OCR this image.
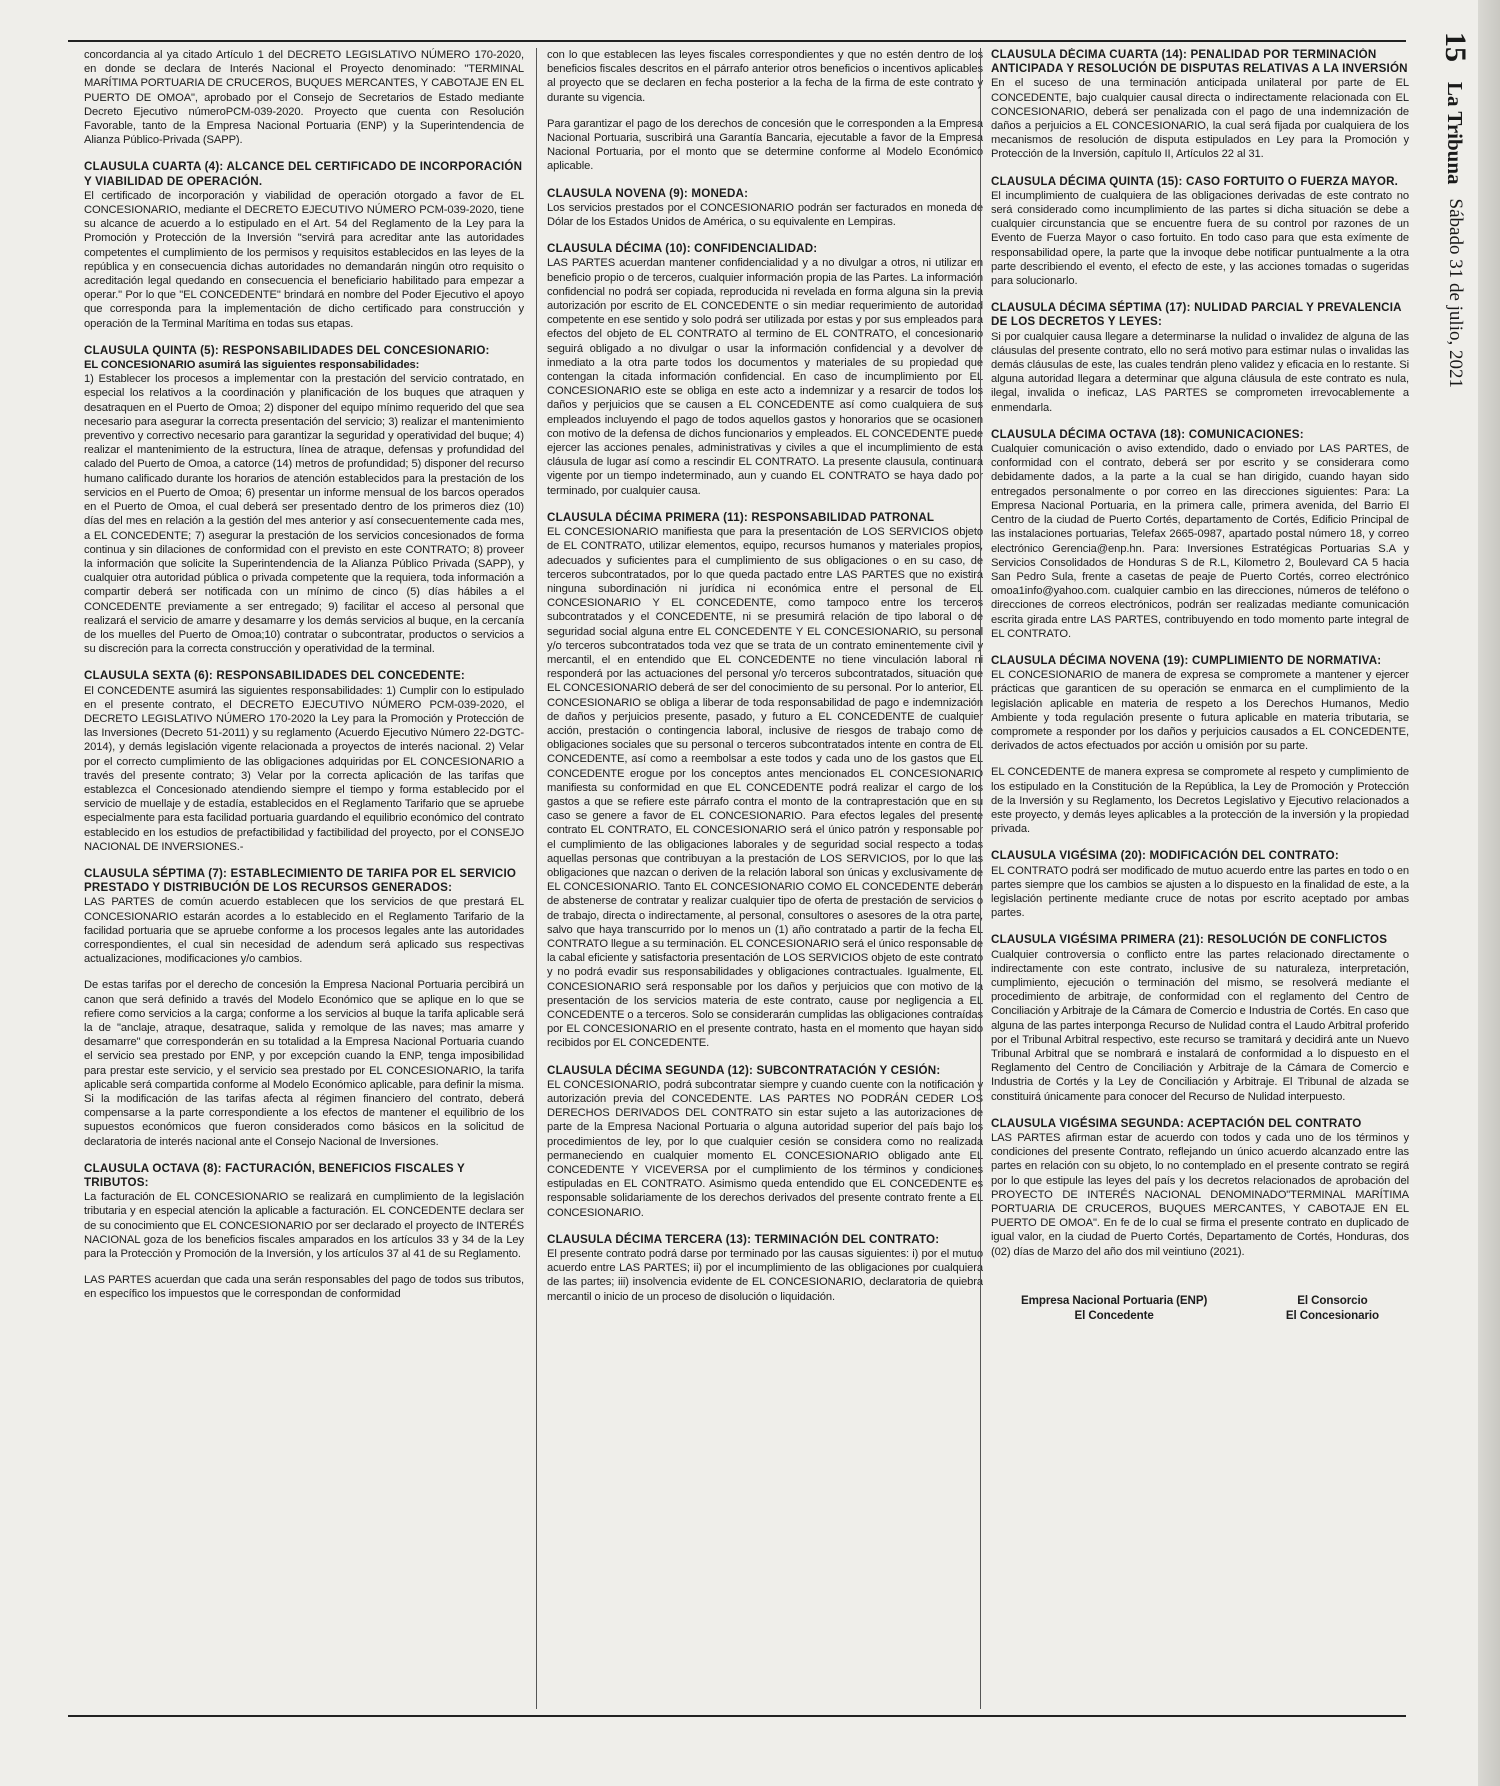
concordancia al ya citado Artículo 1 del DECRETO LEGISLATIVO NÚMERO 170-2020, en donde se declara de Interés Nacional el Proyecto denominado: "TERMINAL MARÍTIMA PORTUARIA DE CRUCEROS, BUQUES MERCANTES, Y CABOTAJE EN EL PUERTO DE OMOA", aprobado por el Consejo de Secretarios de Estado mediante Decreto Ejecutivo númeroPCM-039-2020. Proyecto que cuenta con Resolución Favorable, tanto de la Empresa Nacional Portuaria (ENP) y la Superintendencia de Alianza Público-Privada (SAPP).

CLAUSULA CUARTA (4): ALCANCE DEL CERTIFICADO DE INCORPORACIÓN Y VIABILIDAD DE OPERACIÓN.

El certificado de incorporación y viabilidad de operación otorgado a favor de EL CONCESIONARIO, mediante el DECRETO EJECUTIVO NÚMERO PCM-039-2020, tiene su alcance de acuerdo a lo estipulado en el Art. 54 del Reglamento de la Ley para la Promoción y Protección de la Inversión "servirá para acreditar ante las autoridades competentes el cumplimiento de los permisos y requisitos establecidos en las leyes de la república y en consecuencia dichas autoridades no demandarán ningún otro requisito o acreditación legal quedando en consecuencia el beneficiario habilitado para empezar a operar." Por lo que "EL CONCEDENTE" brindará en nombre del Poder Ejecutivo el apoyo que corresponda para la implementación de dicho certificado para construcción y operación de la Terminal Marítima en todas sus etapas.

CLAUSULA QUINTA (5): RESPONSABILIDADES DEL CONCESIONARIO:
EL CONCESIONARIO asumirá las siguientes responsabilidades:

1) Establecer los procesos a implementar con la prestación del servicio contratado, en especial los relativos a la coordinación y planificación de los buques que atraquen y desatraquen en el Puerto de Omoa; 2) disponer del equipo mínimo requerido del que sea necesario para asegurar la correcta presentación del servicio; 3) realizar el mantenimiento preventivo y correctivo necesario para garantizar la seguridad y operatividad del buque; 4) realizar el mantenimiento de la estructura, línea de atraque, defensas y profundidad del calado del Puerto de Omoa, a catorce (14) metros de profundidad; 5) disponer del recurso humano calificado durante los horarios de atención establecidos para la prestación de los servicios en el Puerto de Omoa; 6) presentar un informe mensual de los barcos operados en el Puerto de Omoa, el cual deberá ser presentado dentro de los primeros diez (10) días del mes en relación a la gestión del mes anterior y así consecuentemente cada mes, a EL CONCEDENTE; 7) asegurar la prestación de los servicios concesionados de forma continua y sin dilaciones de conformidad con el previsto en este CONTRATO; 8) proveer la información que solicite la Superintendencia de la Alianza Público Privada (SAPP), y cualquier otra autoridad pública o privada competente que la requiera, toda información a compartir deberá ser notificada con un mínimo de cinco (5) días hábiles a el CONCEDENTE previamente a ser entregado; 9) facilitar el acceso al personal que realizará el servicio de amarre y desamarre y los demás servicios al buque, en la cercanía de los muelles del Puerto de Omoa;10) contratar o subcontratar, productos o servicios a su discreción para la correcta construcción y operatividad de la terminal.

CLAUSULA SEXTA (6): RESPONSABILIDADES DEL CONCEDENTE:

El CONCEDENTE asumirá las siguientes responsabilidades: 1) Cumplir con lo estipulado en el presente contrato, el DECRETO EJECUTIVO NÚMERO PCM-039-2020, el DECRETO LEGISLATIVO NÚMERO 170-2020 la Ley para la Promoción y Protección de las Inversiones (Decreto 51-2011) y su reglamento (Acuerdo Ejecutivo Número 22-DGTC-2014), y demás legislación vigente relacionada a proyectos de interés nacional. 2) Velar por el correcto cumplimiento de las obligaciones adquiridas por EL CONCESIONARIO a través del presente contrato; 3) Velar por la correcta aplicación de las tarifas que establezca el Concesionado atendiendo siempre el tiempo y forma establecido por el servicio de muellaje y de estadía, establecidos en el Reglamento Tarifario que se apruebe especialmente para esta facilidad portuaria guardando el equilibrio económico del contrato establecido en los estudios de prefactibilidad y factibilidad del proyecto, por el CONSEJO NACIONAL DE INVERSIONES.-

CLAUSULA SÉPTIMA (7): ESTABLECIMIENTO DE TARIFA POR EL SERVICIO PRESTADO Y DISTRIBUCIÓN DE LOS RECURSOS GENERADOS:

LAS PARTES de común acuerdo establecen que los servicios de que prestará EL CONCESIONARIO estarán acordes a lo establecido en el Reglamento Tarifario de la facilidad portuaria que se apruebe conforme a los procesos legales ante las autoridades correspondientes, el cual sin necesidad de adendum será aplicado sus respectivas actualizaciones, modificaciones y/o cambios.

De estas tarifas por el derecho de concesión la Empresa Nacional Portuaria percibirá un canon que será definido a través del Modelo Económico que se aplique en lo que se refiere como servicios a la carga; conforme a los servicios al buque la tarifa aplicable será la de "anclaje, atraque, desatraque, salida y remolque de las naves; mas amarre y desamarre" que corresponderán en su totalidad a la Empresa Nacional Portuaria cuando el servicio sea prestado por ENP, y por excepción cuando la ENP, tenga imposibilidad para prestar este servicio, y el servicio sea prestado por EL CONCESIONARIO, la tarifa aplicable será compartida conforme al Modelo Económico aplicable, para definir la misma. Si la modificación de las tarifas afecta al régimen financiero del contrato, deberá compensarse a la parte correspondiente a los efectos de mantener el equilibrio de los supuestos económicos que fueron considerados como básicos en la solicitud de declaratoria de interés nacional ante el Consejo Nacional de Inversiones.

CLAUSULA OCTAVA (8): FACTURACIÓN, BENEFICIOS FISCALES Y TRIBUTOS:

La facturación de EL CONCESIONARIO se realizará en cumplimiento de la legislación tributaria y en especial atención la aplicable a facturación. EL CONCEDENTE declara ser de su conocimiento que EL CONCESIONARIO por ser declarado el proyecto de INTERÉS NACIONAL goza de los beneficios fiscales amparados en los artículos 33 y 34 de la Ley para la Protección y Promoción de la Inversión, y los artículos 37 al 41 de su Reglamento.

LAS PARTES acuerdan que cada una serán responsables del pago de todos sus tributos, en específico los impuestos que le correspondan de conformidad

con lo que establecen las leyes fiscales correspondientes y que no estén dentro de los beneficios fiscales descritos en el párrafo anterior otros beneficios o incentivos aplicables al proyecto que se declaren en fecha posterior a la fecha de la firma de este contrato y durante su vigencia.

Para garantizar el pago de los derechos de concesión que le corresponden a la Empresa Nacional Portuaria, suscribirá una Garantía Bancaria, ejecutable a favor de la Empresa Nacional Portuaria, por el monto que se determine conforme al Modelo Económico aplicable.

CLAUSULA NOVENA (9): MONEDA:

Los servicios prestados por el CONCESIONARIO podrán ser facturados en moneda de Dólar de los Estados Unidos de América, o su equivalente en Lempiras.

CLAUSULA DÉCIMA (10): CONFIDENCIALIDAD:

LAS PARTES acuerdan mantener confidencialidad y a no divulgar a otros, ni utilizar en beneficio propio o de terceros, cualquier información propia de las Partes. La información confidencial no podrá ser copiada, reproducida ni revelada en forma alguna sin la previa autorización por escrito de EL CONCEDENTE o sin mediar requerimiento de autoridad competente en ese sentido y solo podrá ser utilizada por estas y por sus empleados para efectos del objeto de EL CONTRATO al termino de EL CONTRATO, el concesionario seguirá obligado a no divulgar o usar la información confidencial y a devolver de inmediato a la otra parte todos los documentos y materiales de su propiedad que contengan la citada información confidencial. En caso de incumplimiento por EL CONCESIONARIO este se obliga en este acto a indemnizar y a resarcir de todos los daños y perjuicios que se causen a EL CONCEDENTE así como cualquiera de sus empleados incluyendo el pago de todos aquellos gastos y honorarios que se ocasionen con motivo de la defensa de dichos funcionarios y empleados. EL CONCEDENTE puede ejercer las acciones penales, administrativas y civiles a que el incumplimiento de esta cláusula de lugar así como a rescindir EL CONTRATO. La presente clausula, continuara vigente por un tiempo indeterminado, aun y cuando EL CONTRATO se haya dado por terminado, por cualquier causa.

CLAUSULA DÉCIMA PRIMERA (11): RESPONSABILIDAD PATRONAL

EL CONCESIONARIO manifiesta que para la presentación de LOS SERVICIOS objeto de EL CONTRATO, utilizar elementos, equipo, recursos humanos y materiales propios, adecuados y suficientes para el cumplimiento de sus obligaciones o en su caso, de terceros subcontratados, por lo que queda pactado entre LAS PARTES que no existirá ninguna subordinación ni jurídica ni económica entre el personal de EL CONCESIONARIO Y EL CONCEDENTE, como tampoco entre los terceros subcontratados y el CONCEDENTE, ni se presumirá relación de tipo laboral o de seguridad social alguna entre EL CONCEDENTE Y EL CONCESIONARIO, su personal y/o terceros subcontratados toda vez que se trata de un contrato eminentemente civil y mercantil, el en entendido que EL CONCEDENTE no tiene vinculación laboral ni responderá por las actuaciones del personal y/o terceros subcontratados, situación que EL CONCESIONARIO deberá de ser del conocimiento de su personal. Por lo anterior, EL CONCESIONARIO se obliga a liberar de toda responsabilidad de pago e indemnización de daños y perjuicios presente, pasado, y futuro a EL CONCEDENTE de cualquier acción, prestación o contingencia laboral, inclusive de riesgos de trabajo como de obligaciones sociales que su personal o terceros subcontratados intente en contra de EL CONCEDENTE, así como a reembolsar a este todos y cada uno de los gastos que EL CONCEDENTE erogue por los conceptos antes mencionados EL CONCESIONARIO manifiesta su conformidad en que EL CONCEDENTE podrá realizar el cargo de los gastos a que se refiere este párrafo contra el monto de la contraprestación que en su caso se genere a favor de EL CONCESIONARIO. Para efectos legales del presente contrato EL CONTRATO, EL CONCESIONARIO será el único patrón y responsable por el cumplimiento de las obligaciones laborales y de seguridad social respecto a todas aquellas personas que contribuyan a la prestación de LOS SERVICIOS, por lo que las obligaciones que nazcan o deriven de la relación laboral son únicas y exclusivamente de EL CONCESIONARIO. Tanto EL CONCESIONARIO COMO EL CONCEDENTE deberán de abstenerse de contratar y realizar cualquier tipo de oferta de prestación de servicios o de trabajo, directa o indirectamente, al personal, consultores o asesores de la otra parte, salvo que haya transcurrido por lo menos un (1) año contratado a partir de la fecha EL CONTRATO llegue a su terminación. EL CONCESIONARIO será el único responsable de la cabal eficiente y satisfactoria presentación de LOS SERVICIOS objeto de este contrato y no podrá evadir sus responsabilidades y obligaciones contractuales. Igualmente, EL CONCESIONARIO será responsable por los daños y perjuicios que con motivo de la presentación de los servicios materia de este contrato, cause por negligencia a EL CONCEDENTE o a terceros. Solo se considerarán cumplidas las obligaciones contraídas por EL CONCESIONARIO en el presente contrato, hasta en el momento que hayan sido recibidos por EL CONCEDENTE.

CLAUSULA DÉCIMA SEGUNDA (12): SUBCONTRATACIÓN Y CESIÓN:

EL CONCESIONARIO, podrá subcontratar siempre y cuando cuente con la notificación y autorización previa del CONCEDENTE. LAS PARTES NO PODRÁN CEDER LOS DERECHOS DERIVADOS DEL CONTRATO sin estar sujeto a las autorizaciones de parte de la Empresa Nacional Portuaria o alguna autoridad superior del país bajo los procedimientos de ley, por lo que cualquier cesión se considera como no realizada permaneciendo en cualquier momento EL CONCESIONARIO obligado ante EL CONCEDENTE Y VICEVERSA por el cumplimiento de los términos y condiciones estipuladas en EL CONTRATO. Asimismo queda entendido que EL CONCEDENTE es responsable solidariamente de los derechos derivados del presente contrato frente a EL CONCESIONARIO.

CLAUSULA DÉCIMA TERCERA (13): TERMINACIÓN DEL CONTRATO:

El presente contrato podrá darse por terminado por las causas siguientes: i) por el mutuo acuerdo entre LAS PARTES; ii) por el incumplimiento de las obligaciones por cualquiera de las partes; iii) insolvencia evidente de EL CONCESIONARIO, declaratoria de quiebra mercantil o inicio de un proceso de disolución o liquidación.

CLAUSULA DÉCIMA CUARTA (14): PENALIDAD POR TERMINACIÓN ANTICIPADA Y RESOLUCIÓN DE DISPUTAS RELATIVAS A LA INVERSIÓN

En el suceso de una terminación anticipada unilateral por parte de EL CONCEDENTE, bajo cualquier causal directa o indirectamente relacionada con EL CONCESIONARIO, deberá ser penalizada con el pago de una indemnización de daños a perjuicios a EL CONCESIONARIO, la cual será fijada por cualquiera de los mecanismos de resolución de disputa estipulados en Ley para la Promoción y Protección de la Inversión, capítulo II, Artículos 22 al 31.

CLAUSULA DÉCIMA QUINTA (15): CASO FORTUITO O FUERZA MAYOR.

El incumplimiento de cualquiera de las obligaciones derivadas de este contrato no será considerado como incumplimiento de las partes si dicha situación se debe a cualquier circunstancia que se encuentre fuera de su control por razones de un Evento de Fuerza Mayor o caso fortuito. En todo caso para que esta exímente de responsabilidad opere, la parte que la invoque debe notificar puntualmente a la otra parte describiendo el evento, el efecto de este, y las acciones tomadas o sugeridas para solucionarlo.

CLAUSULA DÉCIMA SÉPTIMA (17): NULIDAD PARCIAL Y PREVALENCIA DE LOS DECRETOS Y LEYES:

Si por cualquier causa llegare a determinarse la nulidad o invalidez de alguna de las cláusulas del presente contrato, ello no será motivo para estimar nulas o invalidas las demás cláusulas de este, las cuales tendrán pleno validez y eficacia en lo restante. Si alguna autoridad llegara a determinar que alguna cláusula de este contrato es nula, ilegal, invalida o ineficaz, LAS PARTES se comprometen irrevocablemente a enmendarla.

CLAUSULA DÉCIMA OCTAVA (18): COMUNICACIONES:

Cualquier comunicación o aviso extendido, dado o enviado por LAS PARTES, de conformidad con el contrato, deberá ser por escrito y se considerara como debidamente dados, a la parte a la cual se han dirigido, cuando hayan sido entregados personalmente o por correo en las direcciones siguientes: Para: La Empresa Nacional Portuaria, en la primera calle, primera avenida, del Barrio El Centro de la ciudad de Puerto Cortés, departamento de Cortés, Edificio Principal de las instalaciones portuarias, Telefax 2665-0987, apartado postal número 18, y correo electrónico Gerencia@enp.hn. Para: Inversiones Estratégicas Portuarias S.A y Servicios Consolidados de Honduras S de R.L, Kilometro 2, Boulevard CA 5 hacia San Pedro Sula, frente a casetas de peaje de Puerto Cortés, correo electrónico omoa1info@yahoo.com. cualquier cambio en las direcciones, números de teléfono o direcciones de correos electrónicos, podrán ser realizadas mediante comunicación escrita girada entre LAS PARTES, contribuyendo en todo momento parte integral de EL CONTRATO.

CLAUSULA DÉCIMA NOVENA (19): CUMPLIMIENTO DE NORMATIVA:

EL CONCESIONARIO de manera de expresa se compromete a mantener y ejercer prácticas que garanticen de su operación se enmarca en el cumplimiento de la legislación aplicable en materia de respeto a los Derechos Humanos, Medio Ambiente y toda regulación presente o futura aplicable en materia tributaria, se compromete a responder por los daños y perjuicios causados a EL CONCEDENTE, derivados de actos efectuados por acción u omisión por su parte.

EL CONCEDENTE de manera expresa se compromete al respeto y cumplimiento de los estipulado en la Constitución de la República, la Ley de Promoción y Protección de la Inversión y su Reglamento, los Decretos Legislativo y Ejecutivo relacionados a este proyecto, y demás leyes aplicables a la protección de la inversión y la propiedad privada.

CLAUSULA VIGÉSIMA (20): MODIFICACIÓN DEL CONTRATO:

EL CONTRATO podrá ser modificado de mutuo acuerdo entre las partes en todo o en partes siempre que los cambios se ajusten a lo dispuesto en la finalidad de este, a la legislación pertinente mediante cruce de notas por escrito aceptado por ambas partes.

CLAUSULA VIGÉSIMA PRIMERA (21): RESOLUCIÓN DE CONFLICTOS

Cualquier controversia o conflicto entre las partes relacionado directamente o indirectamente con este contrato, inclusive de su naturaleza, interpretación, cumplimiento, ejecución o terminación del mismo, se resolverá mediante el procedimiento de arbitraje, de conformidad con el reglamento del Centro de Conciliación y Arbitraje de la Cámara de Comercio e Industria de Cortés. En caso que alguna de las partes interponga Recurso de Nulidad contra el Laudo Arbitral proferido por el Tribunal Arbitral respectivo, este recurso se tramitará y decidirá ante un Nuevo Tribunal Arbitral que se nombrará e instalará de conformidad a lo dispuesto en el Reglamento del Centro de Conciliación y Arbitraje de la Cámara de Comercio e Industria de Cortés y la Ley de Conciliación y Arbitraje. El Tribunal de alzada se constituirá únicamente para conocer del Recurso de Nulidad interpuesto.

CLAUSULA VIGÉSIMA SEGUNDA: ACEPTACIÓN DEL CONTRATO

LAS PARTES afirman estar de acuerdo con todos y cada uno de los términos y condiciones del presente Contrato, reflejando un único acuerdo alcanzado entre las partes en relación con su objeto, lo no contemplado en el presente contrato se regirá por lo que estipule las leyes del país y los decretos relacionados de aprobación del PROYECTO DE INTERÉS NACIONAL DENOMINADO"TERMINAL MARÍTIMA PORTUARIA DE CRUCEROS, BUQUES MERCANTES, Y CABOTAJE EN EL PUERTO DE OMOA". En fe de lo cual se firma el presente contrato en duplicado de igual valor, en la ciudad de Puerto Cortés, Departamento de Cortés, Honduras, dos (02) días de Marzo del año dos mil veintiuno (2021).

Empresa Nacional Portuaria (ENP)
El Concedente
El Consorcio
El Concesionario
15 La Tribuna Sábado 31 de julio, 2021
